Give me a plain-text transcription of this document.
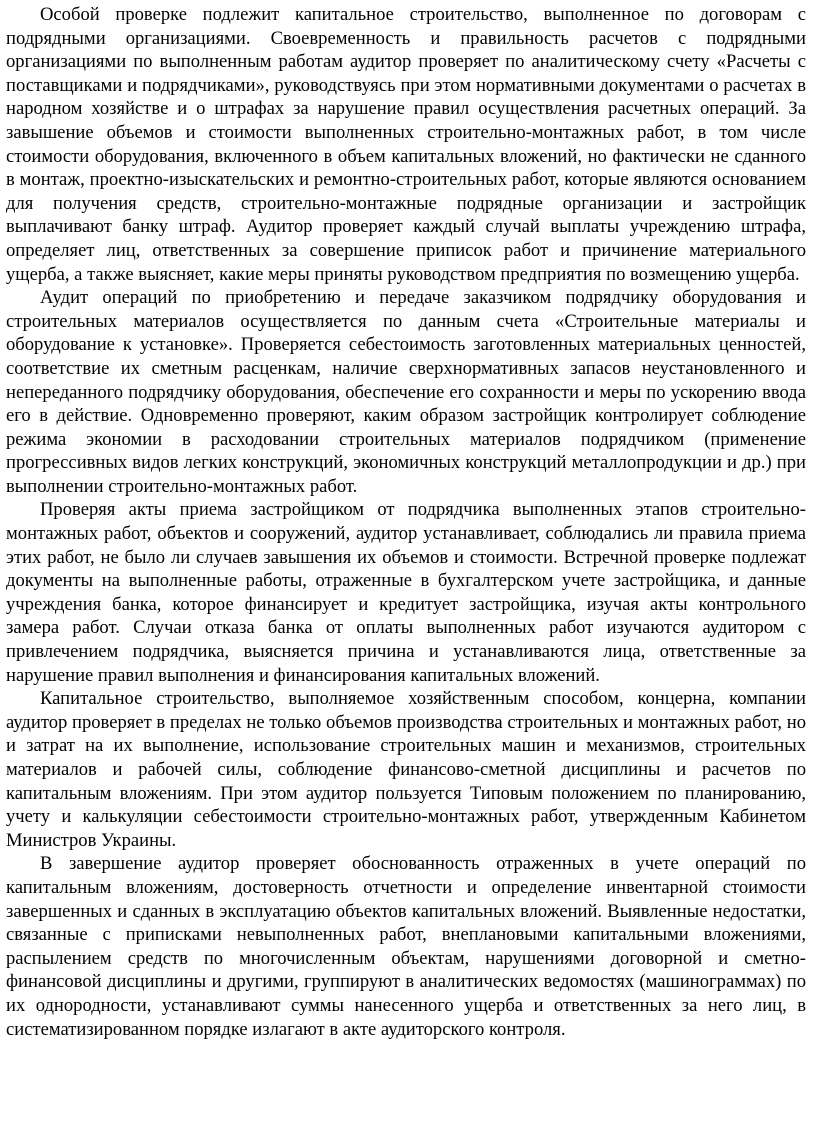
Особой проверке подлежит капитальное строительство, выполненное по договорам с подрядными организациями. Своевременность и правильность расчетов с подрядными организациями по выполненным работам аудитор проверяет по аналитическому счету «Расчеты с поставщиками и подрядчиками», руководствуясь при этом нормативными документами о расчетах в народном хозяйстве и о штрафах за нарушение правил осуществления расчетных операций. За завышение объемов и стоимости выполненных строительно-монтажных работ, в том числе стоимости оборудования, включенного в объем капитальных вложений, но фактически не сданного в монтаж, проектно-изыскательских и ремонтно-строительных работ, которые являются основанием для получения средств, строительно-монтажные подрядные организации и застройщик выплачивают банку штраф. Аудитор проверяет каждый случай выплаты учреждению штрафа, определяет лиц, ответственных за совершение приписок работ и причинение материального ущерба, а также выясняет, какие меры приняты руководством предприятия по возмещению ущерба.

Аудит операций по приобретению и передаче заказчиком подрядчику оборудования и строительных материалов осуществляется по данным счета «Строительные материалы и оборудование к установке». Проверяется себестоимость заготовленных материальных ценностей, соответствие их сметным расценкам, наличие сверхнормативных запасов неустановленного и непереданного подрядчику оборудования, обеспечение его сохранности и меры по ускорению ввода его в действие. Одновременно проверяют, каким образом застройщик контролирует соблюдение режима экономии в расходовании строительных материалов подрядчиком (применение прогрессивных видов легких конструкций, экономичных конструкций металлопродукции и др.) при выполнении строительно-монтажных работ.

Проверяя акты приема застройщиком от подрядчика выполненных этапов строительно-монтажных работ, объектов и сооружений, аудитор устанавливает, соблюдались ли правила приема этих работ, не было ли случаев завышения их объемов и стоимости. Встречной проверке подлежат документы на выполненные работы, отраженные в бухгалтерском учете застройщика, и данные учреждения банка, которое финансирует и кредитует застройщика, изучая акты контрольного замера работ. Случаи отказа банка от оплаты выполненных работ изучаются аудитором с привлечением подрядчика, выясняется причина и устанавливаются лица, ответственные за нарушение правил выполнения и финансирования капитальных вложений.

Капитальное строительство, выполняемое хозяйственным способом, концерна, компании аудитор проверяет в пределах не только объемов производства строительных и монтажных работ, но и затрат на их выполнение, использование строительных машин и механизмов, строительных материалов и рабочей силы, соблюдение финансово-сметной дисциплины и расчетов по капитальным вложениям. При этом аудитор пользуется Типовым положением по планированию, учету и калькуляции себестоимости строительно-монтажных работ, утвержденным Кабинетом Министров Украины.

В завершение аудитор проверяет обоснованность отраженных в учете операций по капитальным вложениям, достоверность отчетности и определение инвентарной стоимости завершенных и сданных в эксплуатацию объектов капитальных вложений. Выявленные недостатки, связанные с приписками невыполненных работ, внеплановыми капитальными вложениями, распылением средств по многочисленным объектам, нарушениями договорной и сметно-финансовой дисциплины и другими, группируют в аналитических ведомостях (машинограммах) по их однородности, устанавливают суммы нанесенного ущерба и ответственных за него лиц, в систематизированном порядке излагают в акте аудиторского контроля.
